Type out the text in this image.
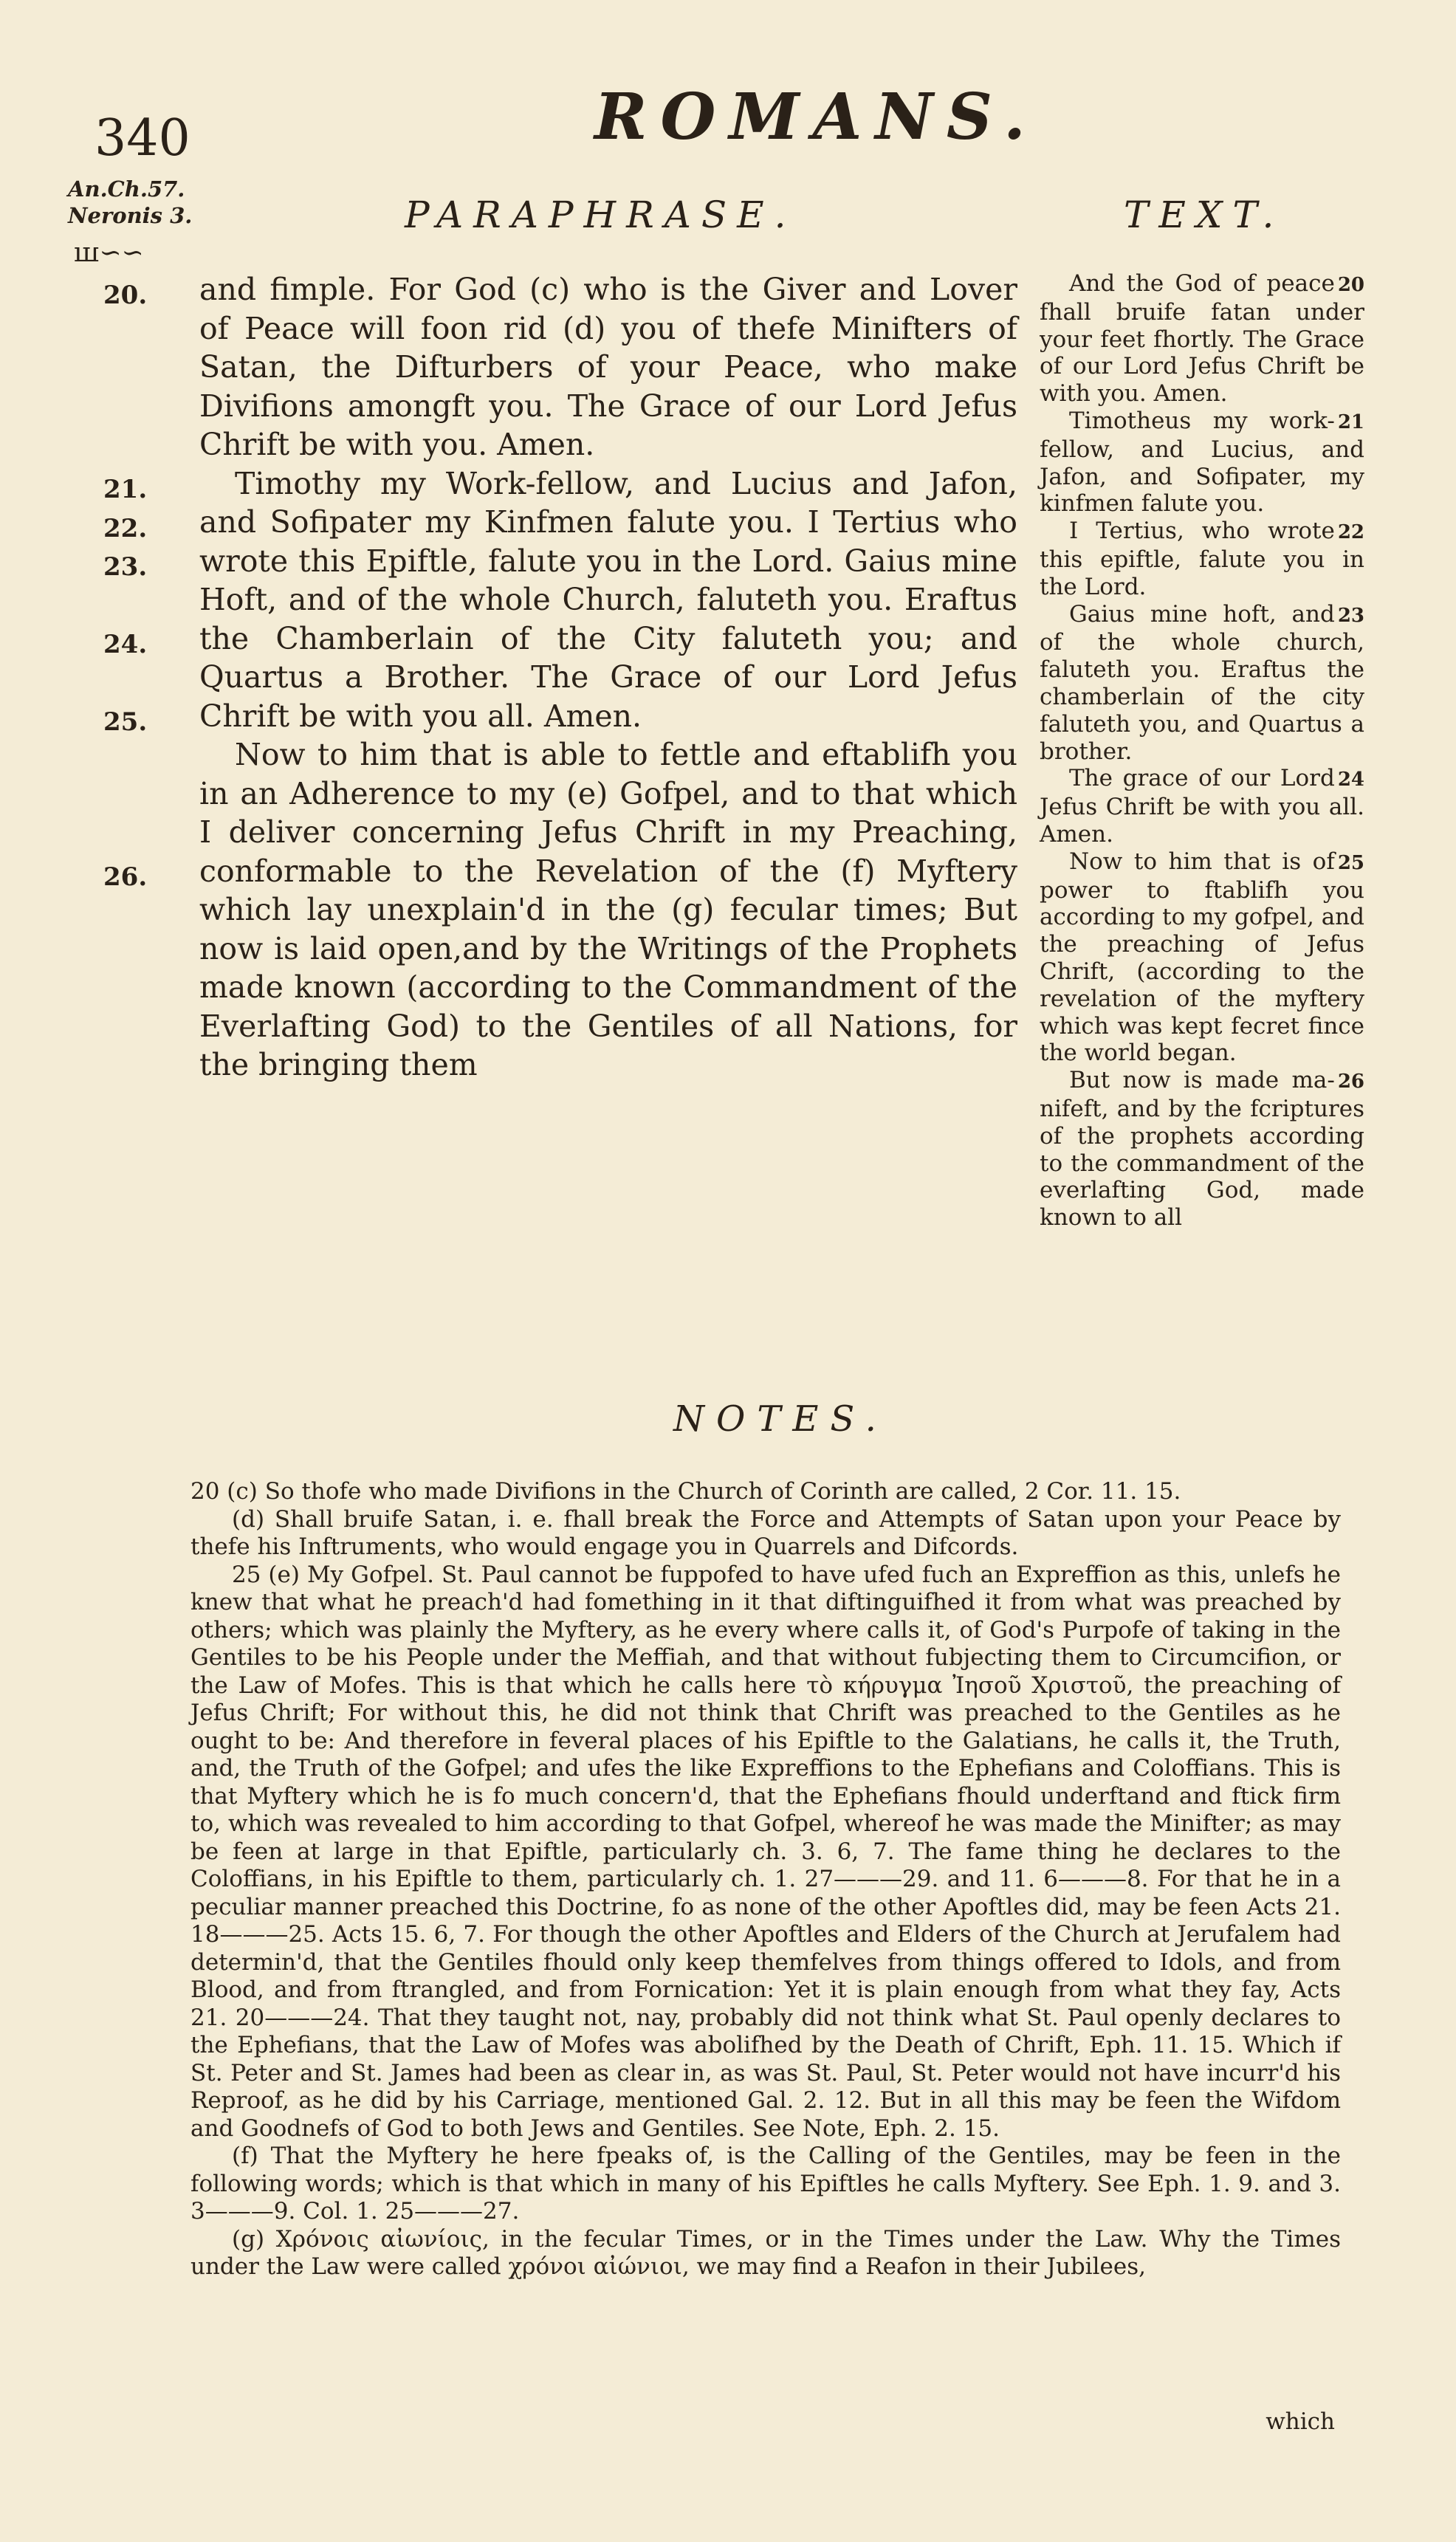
340
An.Ch.57.
Neronis 3.
ꟺ∽∽
ROMANS.
PARAPHRASE.	TEXT.
20.
21.
22.
23.
24.
25.
26.

and fimple. For God (c) who is the Giver and Lover of Peace will foon rid (d) you of thefe Minifters of Satan, the Difturbers of your Peace, who make Divifions amongft you. The Grace of our Lord Jefus Chrift be with you. Amen.

Timothy my Work-fellow, and Lucius and Jafon, and Sofipater my Kinfmen falute you. I Tertius who wrote this Epiftle, falute you in the Lord. Gaius mine Hoft, and of the whole Church, faluteth you. Eraftus the Chamberlain of the City faluteth you; and Quartus a Brother. The Grace of our Lord Jefus Chrift be with you all. Amen.

Now to him that is able to fettle and eftablifh you in an Adherence to my (e) Gofpel, and to that which I deliver concerning Jefus Chrift in my Preaching, conformable to the Revelation of the (f) Myftery which lay unexplain'd in the (g) fecular times; But now is laid open,and by the Writings of the Prophets made known (according to the Commandment of the Everlafting God) to the Gentiles of all Nations, for the bringing them

And the God of peace 20 fhall bruife fatan under your feet fhortly. The Grace of our Lord Jefus Chrift be with you. Amen.

Timotheus my work- 21 fellow, and Lucius, and Jafon, and Sofipater, my kinfmen falute you.

I Tertius, who wrote 22 this epiftle, falute you in the Lord.

Gaius mine hoft, and 23 of the whole church, faluteth you. Eraftus the chamberlain of the city faluteth you, and Quartus a brother.

The grace of our Lord 24 Jefus Chrift be with you all. Amen.

Now to him that is of 25 power to ftablifh you according to my gofpel, and the preaching of Jefus Chrift, (according to the revelation of the myftery which was kept fecret fince the world began.

But now is made ma- 26 nifeft, and by the fcriptures of the prophets according to the commandment of the everlafting God, made known to all

NOTES.

20 (c) So thofe who made Divifions in the Church of Corinth are called, 2 Cor. 11. 15.

(d) Shall bruife Satan, i. e. fhall break the Force and Attempts of Satan upon your Peace by thefe his Inftruments, who would engage you in Quarrels and Difcords.

25 (e) My Gofpel. St. Paul cannot be fuppofed to have ufed fuch an Expreffion as this, unlefs he knew that what he preach'd had fomething in it that diftinguifhed it from what was preached by others; which was plainly the Myftery, as he every where calls it, of God's Purpofe of taking in the Gentiles to be his People under the Meffiah, and that without fubjecting them to Circumcifion, or the Law of Mofes. This is that which he calls here τὸ κήρυγμα Ἰησοῦ Χριστοῦ, the preaching of Jefus Chrift; For without this, he did not think that Chrift was preached to the Gentiles as he ought to be: And therefore in feveral places of his Epiftle to the Galatians, he calls it, the Truth, and, the Truth of the Gofpel; and ufes the like Expreffions to the Ephefians and Coloffians. This is that Myftery which he is fo much concern'd, that the Ephefians fhould underftand and ftick firm to, which was revealed to him according to that Gofpel, whereof he was made the Minifter; as may be feen at large in that Epiftle, particularly ch. 3. 6, 7. The fame thing he declares to the Coloffians, in his Epiftle to them, particularly ch. 1. 27———29. and 11. 6———8. For that he in a peculiar manner preached this Doctrine, fo as none of the other Apoftles did, may be feen Acts 21. 18———25. Acts 15. 6, 7. For though the other Apoftles and Elders of the Church at Jerufalem had determin'd, that the Gentiles fhould only keep themfelves from things offered to Idols, and from Blood, and from ftrangled, and from Fornication: Yet it is plain enough from what they fay, Acts 21. 20———24. That they taught not, nay, probably did not think what St. Paul openly declares to the Ephefians, that the Law of Mofes was abolifhed by the Death of Chrift, Eph. 11. 15. Which if St. Peter and St. James had been as clear in, as was St. Paul, St. Peter would not have incurr'd his Reproof, as he did by his Carriage, mentioned Gal. 2. 12. But in all this may be feen the Wifdom and Goodnefs of God to both Jews and Gentiles. See Note, Eph. 2. 15.

(f) That the Myftery he here fpeaks of, is the Calling of the Gentiles, may be feen in the following words; which is that which in many of his Epiftles he calls Myftery. See Eph. 1. 9. and 3. 3———9. Col. 1. 25———27.

(g) Χρόνοις αἰωνίοις, in the fecular Times, or in the Times under the Law. Why the Times under the Law were called χρόνοι αἰώνιοι, we may find a Reafon in their Jubilees,

which
